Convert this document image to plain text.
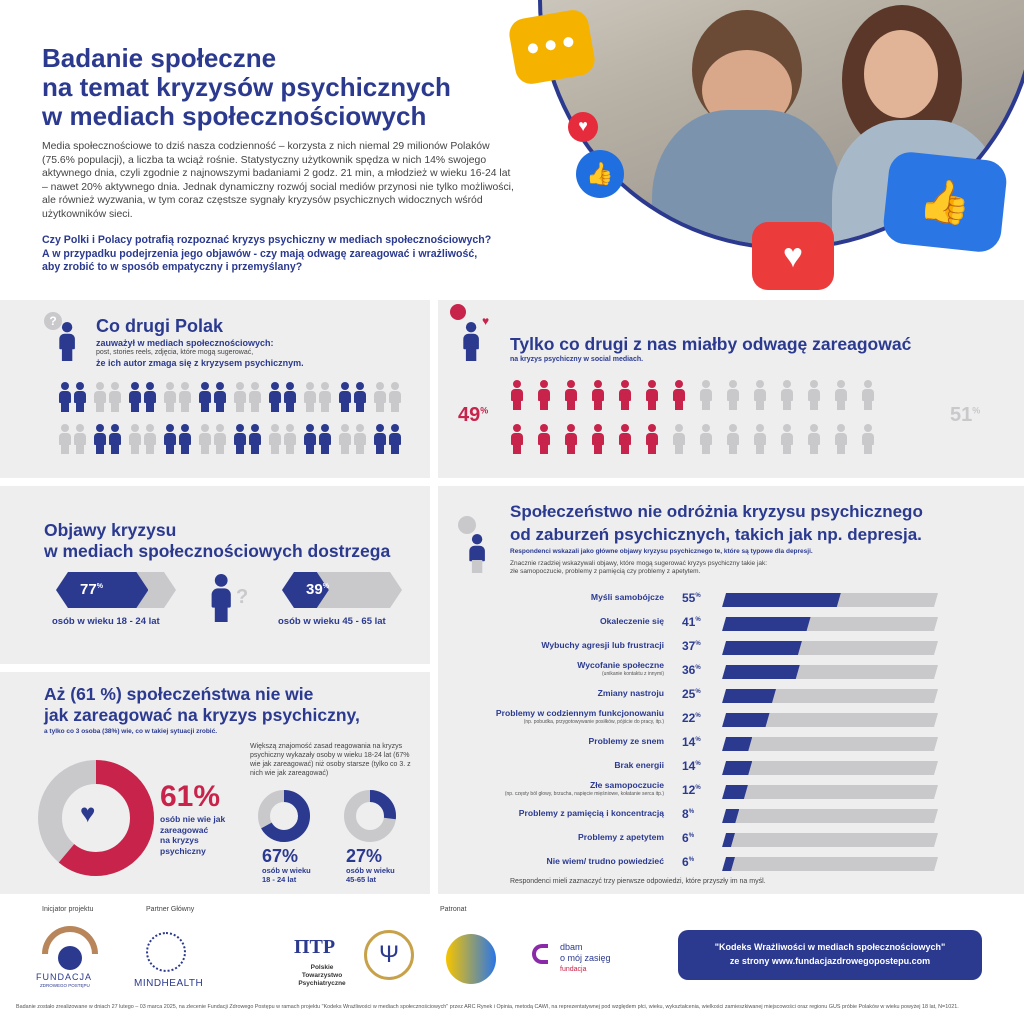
Badanie społeczne
na temat kryzysów psychicznych
w mediach społecznościowych
Media społecznościowe to dziś nasza codzienność – korzysta z nich niemal 29 milionów Polaków (75.6% populacji), a liczba ta wciąż rośnie. Statystyczny użytkownik spędza w nich 14% swojego aktywnego dnia, czyli zgodnie z najnowszymi badaniami 2 godz. 21 min, a młodzież w wieku 16-24 lat – nawet 20% aktywnego dnia. Jednak dynamiczny rozwój social mediów przynosi nie tylko możliwości, ale również wyzwania, w tym coraz częstsze sygnały kryzysów psychicznych widocznych wśród użytkowników sieci.
Czy Polki i Polacy potrafią rozpoznać kryzys psychiczny w mediach społecznościowych?
A w przypadku podejrzenia jego objawów - czy mają odwagę zareagować i wrażliwość,
aby zrobić to w sposób empatyczny i przemyślany?
♥
👍
👍
♥
? Co drugi Polak
zauważył w mediach społecznościowych:
post, stories reels, zdjęcia, które mogą sugerować,
że ich autor zmaga się z kryzysem psychicznym.
♥
Tylko co drugi z nas miałby odwagę zareagować
na kryzys psychiczny w social mediach.
49%	51%
Objawy kryzysu
w mediach społecznościowych dostrzega
77%
osób w wieku 18 - 24 lat
?	39%
osób w wieku 45 - 65 lat
Aż (61 %) społeczeństwa nie wie
jak zareagować na kryzys psychiczny,
a tylko co 3 osoba (38%) wie, co w takiej sytuacji zrobić.
♥ 61%
osób nie wie jak
zareagować
na kryzys
psychiczny
Większą znajomość zasad reagowania na kryzys psychiczny wykazały osoby w wieku 18-24 lat (67% wie jak zareagować) niż osoby starsze (tylko co 3. z nich wie jak zareagować)
67%
osób w wieku
18 - 24 lat
27%
osób w wieku
45-65 lat
Społeczeństwo nie odróżnia kryzysu psychicznego
od zaburzeń psychicznych, takich jak np. depresja.
Respondenci wskazali jako główne objawy kryzysu psychicznego te, które są typowe dla depresji.
Znacznie rzadziej wskazywali objawy, które mogą sugerować kryzys psychiczny takie jak:
złe samopoczucie, problemy z pamięcią czy problemy z apetytem.
Myśli samobójcze 55%
Okaleczenie się 41%
Wybuchy agresji lub frustracji 37%
Wycofanie społeczne
(unikanie kontaktu z innymi) 36%
Zmiany nastroju 25%
Problemy w codziennym funkcjonowaniu
(np. pobudka, przygotowywanie posiłków, pójście do pracy, itp.) 22%
Problemy ze snem 14%
Brak energii 14%
Złe samopoczucie
(np. częsty ból głowy, brzucha, napięcie mięśniowe, kołatanie serca itp.) 12%
Problemy z pamięcią i koncentracją 8%
Problemy z apetytem 6%
Nie wiem/ trudno powiedzieć 6%
Respondenci mieli zaznaczyć trzy pierwsze odpowiedzi, które przyszły im na myśl.
Inicjator projektu	Partner Główny	Patronat
FUNDACJA
ZDROWEGO POSTĘPU	MINDHEALTH
ПТР
Polskie
Towarzystwo
Psychiatryczne
Ψ	dbam
o mój zasięg
fundacja
"Kodeks Wrażliwości w mediach społecznościowych"
ze strony www.fundacjazdrowegopostepu.com
Badanie zostało zrealizowane w dniach 27 lutego – 03 marca 2025, na zlecenie Fundacji Zdrowego Postępu w ramach projektu "Kodeks Wrażliwości w mediach społecznościowych" przez ARC Rynek i Opinia, metodą CAWI, na reprezentatywnej pod względem płci, wieku, wykształcenia, wielkości zamieszkiwanej miejscowości oraz regionu GUS próbie Polaków w wieku powyżej 18 lat, N=1021.
